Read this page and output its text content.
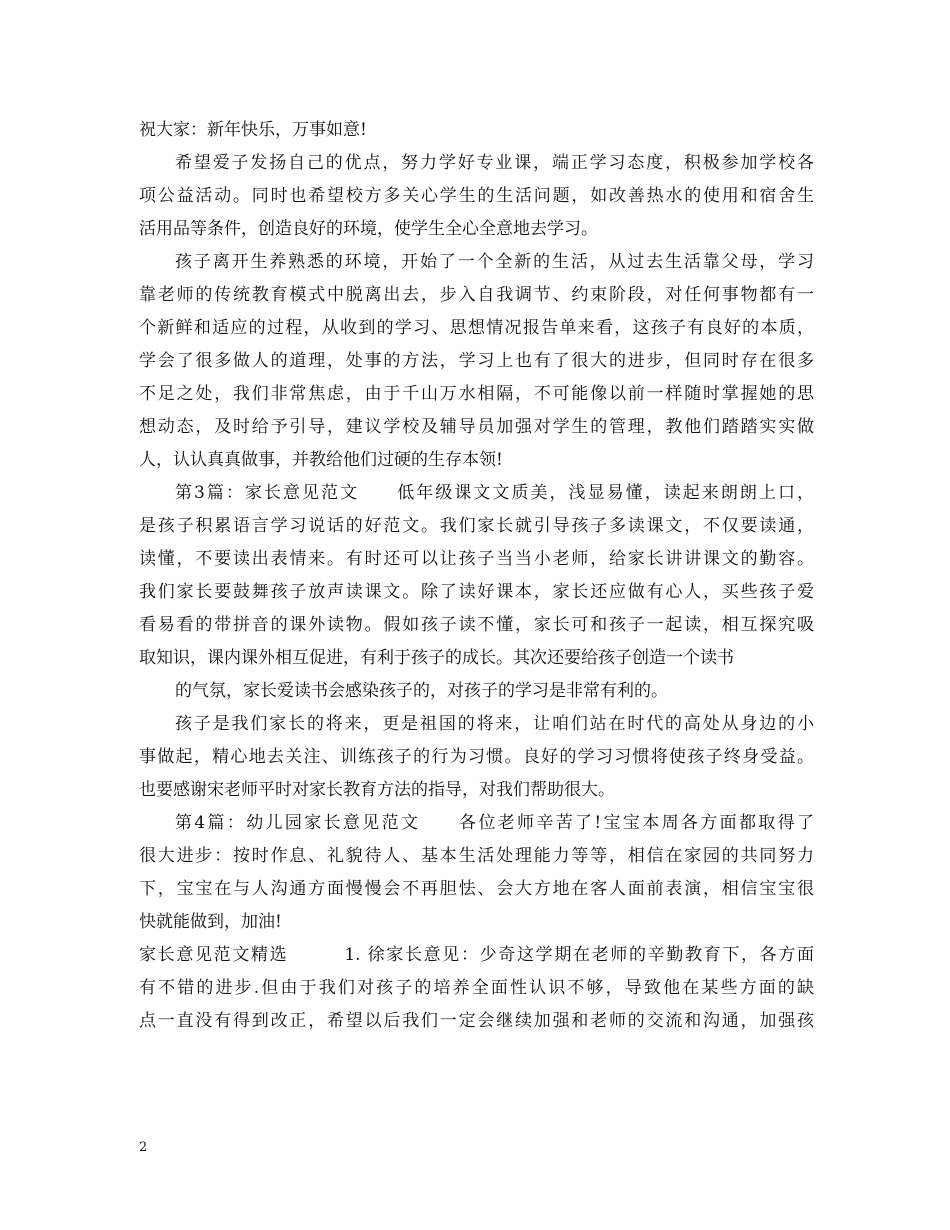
祝大家：新年快乐，万事如意!
希望爱子发扬自己的优点，努力学好专业课，端正学习态度，积极参加学校各
项公益活动。同时也希望校方多关心学生的生活问题，如改善热水的使用和宿舍生
活用品等条件，创造良好的环境，使学生全心全意地去学习。
孩子离开生养熟悉的环境，开始了一个全新的生活，从过去生活靠父母，学习
靠老师的传统教育模式中脱离出去，步入自我调节、约束阶段，对任何事物都有一
个新鲜和适应的过程，从收到的学习、思想情况报告单来看，这孩子有良好的本质，
学会了很多做人的道理，处事的方法，学习上也有了很大的进步，但同时存在很多
不足之处，我们非常焦虑，由于千山万水相隔，不可能像以前一样随时掌握她的思
想动态，及时给予引导，建议学校及辅导员加强对学生的管理，教他们踏踏实实做
人，认认真真做事，并教给他们过硬的生存本领!
第3篇：家长意见范文　　低年级课文文质美，浅显易懂，读起来朗朗上口，
是孩子积累语言学习说话的好范文。我们家长就引导孩子多读课文，不仅要读通，
读懂，不要读出表情来。有时还可以让孩子当当小老师，给家长讲讲课文的勤容。
我们家长要鼓舞孩子放声读课文。除了读好课本，家长还应做有心人，买些孩子爱
看易看的带拼音的课外读物。假如孩子读不懂，家长可和孩子一起读，相互探究吸
取知识，课内课外相互促进，有利于孩子的成长。其次还要给孩子创造一个读书
的气氛，家长爱读书会感染孩子的，对孩子的学习是非常有利的。
孩子是我们家长的将来，更是祖国的将来，让咱们站在时代的高处从身边的小
事做起，精心地去关注、训练孩子的行为习惯。良好的学习习惯将使孩子终身受益。
也要感谢宋老师平时对家长教育方法的指导，对我们帮助很大。
第4篇：幼儿园家长意见范文　　各位老师辛苦了!宝宝本周各方面都取得了
很大进步：按时作息、礼貌待人、基本生活处理能力等等，相信在家园的共同努力
下，宝宝在与人沟通方面慢慢会不再胆怯、会大方地在客人面前表演，相信宝宝很
快就能做到，加油!
家长意见范文精选　　　1. 徐家长意见：少奇这学期在老师的辛勤教育下，各方面
有不错的进步.但由于我们对孩子的培养全面性认识不够，导致他在某些方面的缺
点一直没有得到改正，希望以后我们一定会继续加强和老师的交流和沟通，加强孩
2
